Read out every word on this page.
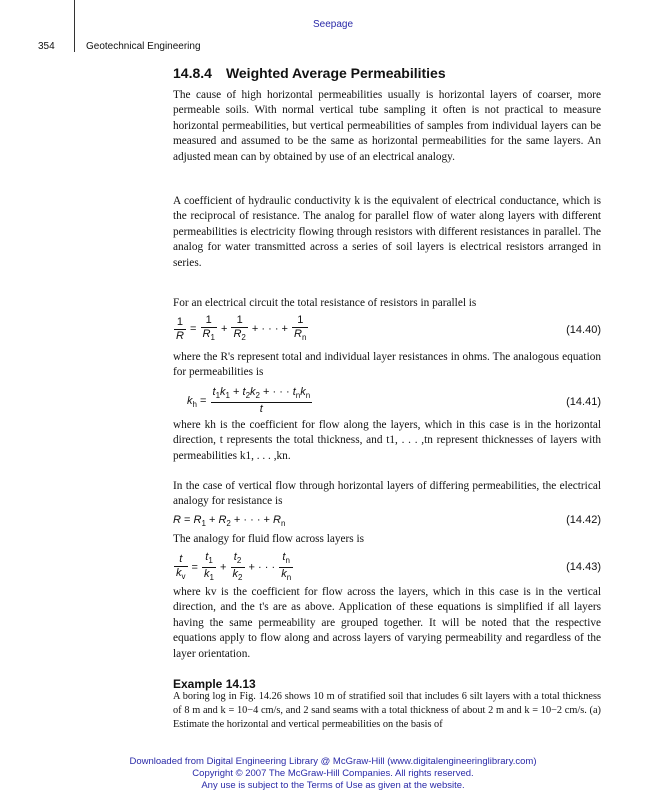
Seepage
354	Geotechnical Engineering
14.8.4 Weighted Average Permeabilities
The cause of high horizontal permeabilities usually is horizontal layers of coarser, more permeable soils. With normal vertical tube sampling it often is not practical to measure horizontal permeabilities, but vertical permeabilities of samples from individual layers can be measured and assumed to be the same as horizontal permeabilities for the same layers. An adjusted mean can by obtained by use of an electrical analogy.
A coefficient of hydraulic conductivity k is the equivalent of electrical conductance, which is the reciprocal of resistance. The analog for parallel flow of water along layers with different permeabilities is electricity flowing through resistors with different resistances in parallel. The analog for water transmitted across a series of soil layers is electrical resistors arranged in series.
For an electrical circuit the total resistance of resistors in parallel is
$\frac{1}{R} = \frac{1}{R_1} + \frac{1}{R_2}$ + · · · + $\frac{1}{R_n}$	(14.40)
where the R's represent total and individual layer resistances in ohms. The analogous equation for permeabilities is
$k_h = \frac{t_1k_1 + t_2k_2 + \cdot \cdot \cdot t_nk_n}{t}$	(14.41)
where kh is the coefficient for flow along the layers, which in this case is in the horizontal direction, t represents the total thickness, and t1, . . . ,tn represent thicknesses of layers with permeabilities k1, . . . ,kn.
In the case of vertical flow through horizontal layers of differing permeabilities, the electrical analogy for resistance is
$R = R_1 + R_2$ + · · · + $R_n$	(14.42)
The analogy for fluid flow across layers is
$\frac{t}{k_v} = \frac{t_1}{k_1} + \frac{t_2}{k_2}$ + · · · $\frac{t_n}{k_n}$	(14.43)
where kv is the coefficient for flow across the layers, which in this case is in the vertical direction, and the t's are as above. Application of these equations is simplified if all layers having the same permeability are grouped together. It will be noted that the respective equations apply to flow along and across layers of varying permeability and regardless of the layer orientation.
Example 14.13
A boring log in Fig. 14.26 shows 10 m of stratified soil that includes 6 silt layers with a total thickness of 8 m and k = 10−4 cm/s, and 2 sand seams with a total thickness of about 2 m and k = 10−2 cm/s. (a) Estimate the horizontal and vertical permeabilities on the basis of
Downloaded from Digital Engineering Library @ McGraw-Hill (www.digitalengineeringlibrary.com)
Copyright © 2007 The McGraw-Hill Companies. All rights reserved.
Any use is subject to the Terms of Use as given at the website.
